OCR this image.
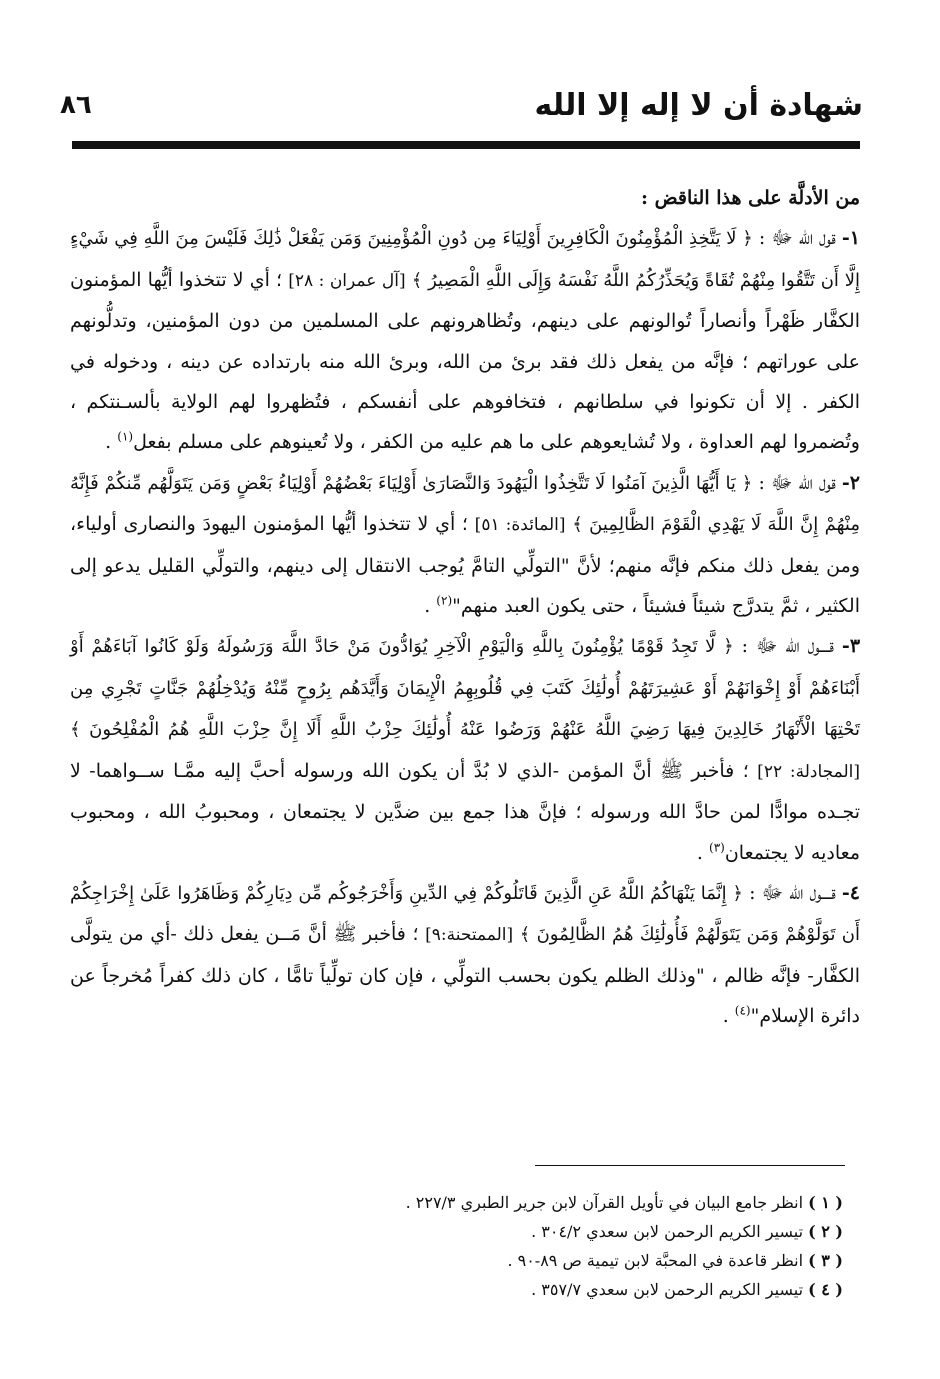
شهادة أن لا إله إلا الله
٨٦
من الأدلَّة على هذا الناقض :

١- قول الله ﷻ : ﴿ لَا يَتَّخِذِ الْمُؤْمِنُونَ الْكَافِرِينَ أَوْلِيَاءَ مِن دُونِ الْمُؤْمِنِينَ وَمَن يَفْعَلْ ذَٰلِكَ فَلَيْسَ مِنَ اللَّهِ فِي شَيْءٍ إِلَّا أَن تَتَّقُوا مِنْهُمْ تُقَاةً وَيُحَذِّرُكُمُ اللَّهُ نَفْسَهُ وَإِلَى اللَّهِ الْمَصِيرُ ﴾ [آل عمران : ٢٨] ؛ أي لا تتخذوا أيُّها المؤمنون الكفَّار ظَهْراً وأنصاراً تُوالونهم على دينهم، وتُظاهرونهم على المسلمين من دون المؤمنين، وتدلُّونهم على عوراتهم ؛ فإنَّه من يفعل ذلك فقد برئ من الله، وبرئ الله منه بارتداده عن دينه ، ودخوله في الكفر . إلا أن تكونوا في سلطانهم ، فتخافوهم على أنفسكم ، فتُظهروا لهم الولاية بألسـنتكم ، وتُضمروا لهم العداوة ، ولا تُشايعوهم على ما هم عليه من الكفر ، ولا تُعينوهم على مسلم بفعل$^{(١)}$ .

٢- قول الله ﷻ : ﴿ يَا أَيُّهَا الَّذِينَ آمَنُوا لَا تَتَّخِذُوا الْيَهُودَ وَالنَّصَارَىٰ أَوْلِيَاءَ بَعْضُهُمْ أَوْلِيَاءُ بَعْضٍ وَمَن يَتَوَلَّهُم مِّنكُمْ فَإِنَّهُ مِنْهُمْ إِنَّ اللَّهَ لَا يَهْدِي الْقَوْمَ الظَّالِمِينَ ﴾ [المائدة: ٥١] ؛ أي لا تتخذوا أيُّها المؤمنون اليهودَ والنصارى أولياء، ومن يفعل ذلك منكم فإنَّه منهم؛ لأنَّ "التولِّي التامَّ يُوجب الانتقال إلى دينهم، والتولِّي القليل يدعو إلى الكثير ، ثمَّ يتدرَّج شيئاً فشيئاً ، حتى يكون العبد منهم"$^{(٢)}$ .

٣- قــــول الله ﷻ : ﴿ لَّا تَجِدُ قَوْمًا يُؤْمِنُونَ بِاللَّهِ وَالْيَوْمِ الْآخِرِ يُوَادُّونَ مَنْ حَادَّ اللَّهَ وَرَسُولَهُ وَلَوْ كَانُوا آبَاءَهُمْ أَوْ أَبْنَاءَهُمْ أَوْ إِخْوَانَهُمْ أَوْ عَشِيرَتَهُمْ أُولَٰئِكَ كَتَبَ فِي قُلُوبِهِمُ الْإِيمَانَ وَأَيَّدَهُم بِرُوحٍ مِّنْهُ وَيُدْخِلُهُمْ جَنَّاتٍ تَجْرِي مِن تَحْتِهَا الْأَنْهَارُ خَالِدِينَ فِيهَا رَضِيَ اللَّهُ عَنْهُمْ وَرَضُوا عَنْهُ أُولَٰئِكَ حِزْبُ اللَّهِ أَلَا إِنَّ حِزْبَ اللَّهِ هُمُ الْمُفْلِحُونَ ﴾ [المجادلة: ٢٢] ؛ فأخبر ﷺ أنَّ المؤمن -الذي لا بُدَّ أن يكون الله ورسوله أحبَّ إليه ممَّـا ســواهما- لا تجـده موادًّا لمن حادَّ الله ورسوله ؛ فإنَّ هذا جمع بين ضدَّين لا يجتمعان ، ومحبوبُ الله ، ومحبوب معاديه لا يجتمعان$^{(٣)}$ .

٤- قــــول الله ﷻ : ﴿ إِنَّمَا يَنْهَاكُمُ اللَّهُ عَنِ الَّذِينَ قَاتَلُوكُمْ فِي الدِّينِ وَأَخْرَجُوكُم مِّن دِيَارِكُمْ وَظَاهَرُوا عَلَىٰ إِخْرَاجِكُمْ أَن تَوَلَّوْهُمْ وَمَن يَتَوَلَّهُمْ فَأُولَٰئِكَ هُمُ الظَّالِمُونَ ﴾ [الممتحنة:٩] ؛ فأخبر ﷺ أنَّ مَــن يفعل ذلك -أي من يتولَّى الكفَّار- فإنَّه ظالم ، "وذلك الظلم يكون بحسب التولِّي ، فإن كان تولِّياً تامًّا ، كان ذلك كفراً مُخرجاً عن دائرة الإسلام"$^{(٤)}$ .

( ١ ) انظر جامع البيان في تأويل القرآن لابن جرير الطبري ٢٢٧/٣ .
( ٢ ) تيسير الكريم الرحمن لابن سعدي ٣٠٤/٢ .
( ٣ ) انظر قاعدة في المحبَّة لابن تيمية ص ٨٩-٩٠ .
( ٤ ) تيسير الكريم الرحمن لابن سعدي ٣٥٧/٧ .
